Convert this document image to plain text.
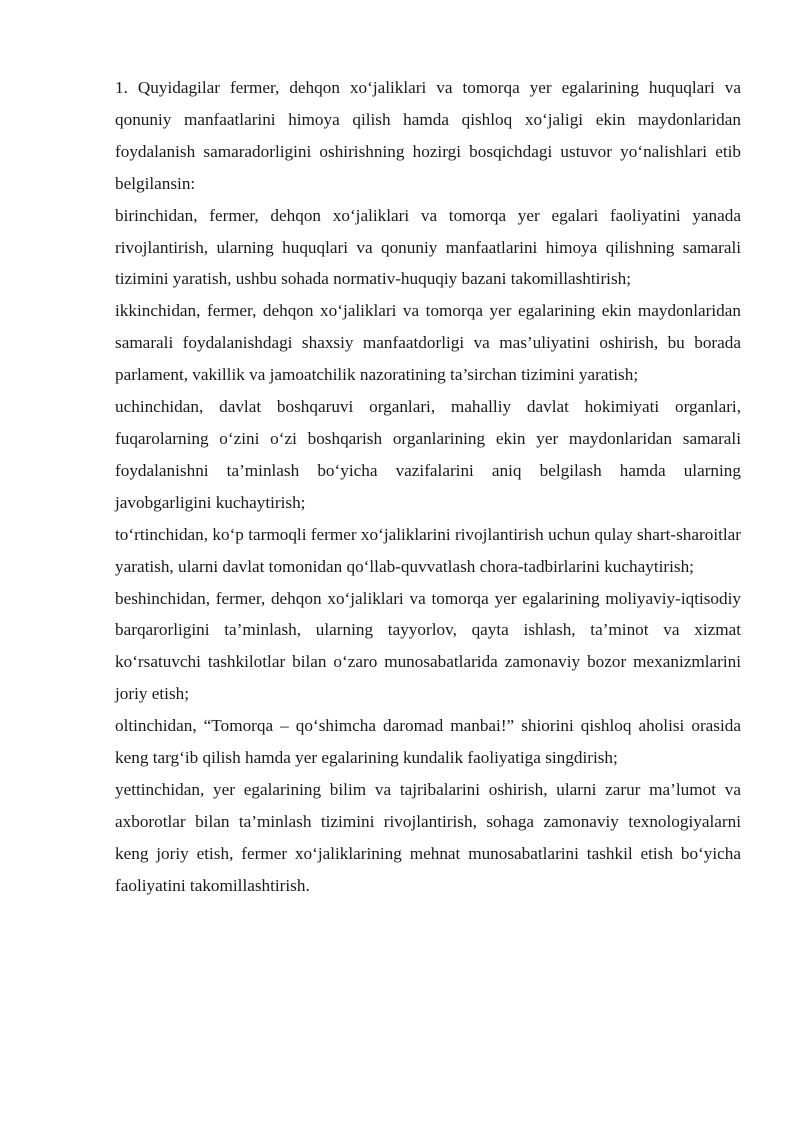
1. Quyidagilar fermer, dehqon xo‘jaliklari va tomorqa yer egalarining huquqlari va qonuniy manfaatlarini himoya qilish hamda qishloq xo‘jaligi ekin maydonlaridan foydalanish samaradorligini oshirishning hozirgi bosqichdagi ustuvor yo‘nalishlari etib belgilansin:

birinchidan, fermer, dehqon xo‘jaliklari va tomorqa yer egalari faoliyatini yanada rivojlantirish, ularning huquqlari va qonuniy manfaatlarini himoya qilishning samarali tizimini yaratish, ushbu sohada normativ-huquqiy bazani takomillashtirish;

ikkinchidan, fermer, dehqon xo‘jaliklari va tomorqa yer egalarining ekin maydonlaridan samarali foydalanishdagi shaxsiy manfaatdorligi va mas’uliyatini oshirish, bu borada parlament, vakillik va jamoatchilik nazoratining ta’sirchan tizimini yaratish;

uchinchidan, davlat boshqaruvi organlari, mahalliy davlat hokimiyati organlari, fuqarolarning o‘zini o‘zi boshqarish organlarining ekin yer maydonlaridan samarali foydalanishni ta’minlash bo‘yicha vazifalarini aniq belgilash hamda ularning javobgarligini kuchaytirish;

to‘rtinchidan, ko‘p tarmoqli fermer xo‘jaliklarini rivojlantirish uchun qulay shart-sharoitlar yaratish, ularni davlat tomonidan qo‘llab-quvvatlash chora-tadbirlarini kuchaytirish;

beshinchidan, fermer, dehqon xo‘jaliklari va tomorqa yer egalarining moliyaviy-iqtisodiy barqarorligini ta’minlash, ularning tayyorlov, qayta ishlash, ta’minot va xizmat ko‘rsatuvchi tashkilotlar bilan o‘zaro munosabatlarida zamonaviy bozor mexanizmlarini joriy etish;

oltinchidan, “Tomorqa – qo‘shimcha daromad manbai!” shiorini qishloq aholisi orasida keng targ‘ib qilish hamda yer egalarining kundalik faoliyatiga singdirish;

yettinchidan, yer egalarining bilim va tajribalarini oshirish, ularni zarur ma’lumot va axborotlar bilan ta’minlash tizimini rivojlantirish, sohaga zamonaviy texnologiyalarni keng joriy etish, fermer xo‘jaliklarining mehnat munosabatlarini tashkil etish bo‘yicha faoliyatini takomillashtirish.
